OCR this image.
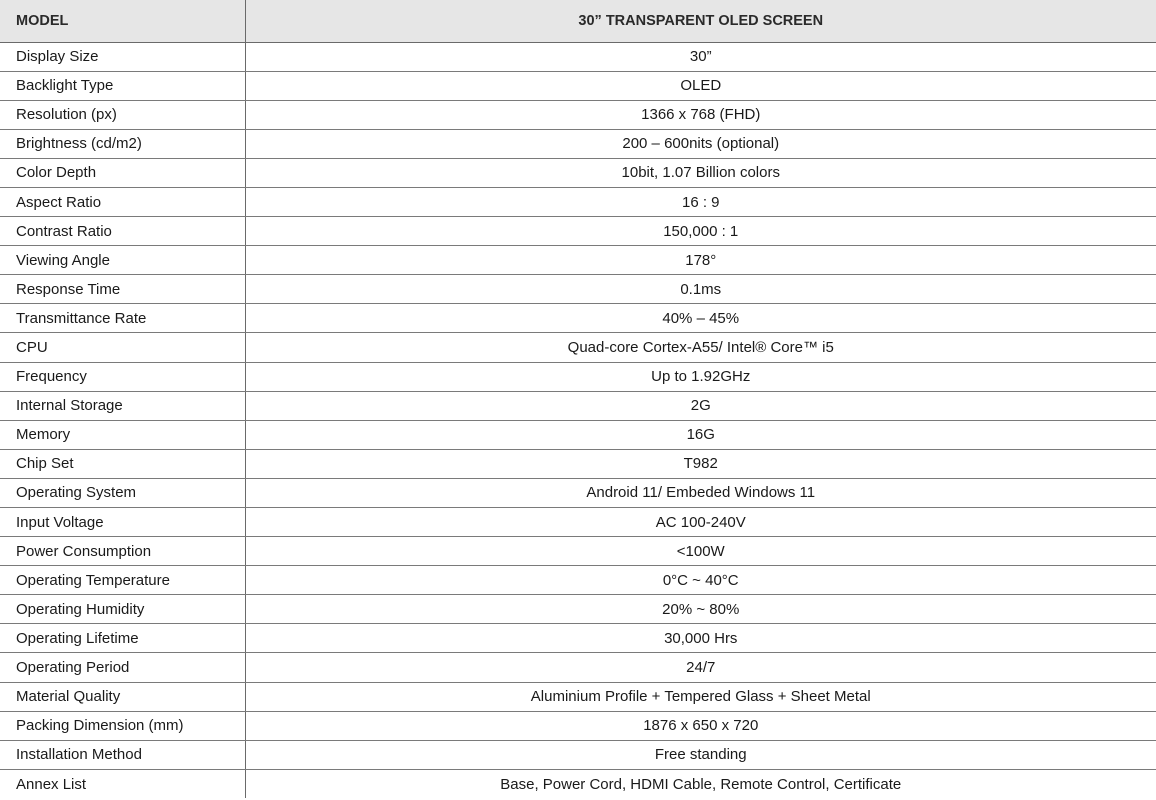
MODEL	30” TRANSPARENT OLED SCREEN
Display Size	30”
Backlight Type	OLED
Resolution (px)	1366 x 768 (FHD)
Brightness (cd/m2)	200 – 600nits (optional)
Color Depth	10bit, 1.07 Billion colors
Aspect Ratio	16 : 9
Contrast Ratio	150,000 : 1
Viewing Angle	178°
Response Time	0.1ms
Transmittance Rate	40% – 45%
CPU	Quad-core Cortex-A55/ Intel® Core™ i5
Frequency	Up to 1.92GHz
Internal Storage	2G
Memory	16G
Chip Set	T982
Operating System	Android 11/ Embeded Windows 11
Input Voltage	AC 100-240V
Power Consumption	<100W
Operating Temperature	0°C ~ 40°C
Operating Humidity	20% ~ 80%
Operating Lifetime	30,000 Hrs
Operating Period	24/7
Material Quality	Aluminium Profile + Tempered Glass + Sheet Metal
Packing Dimension (mm)	1876 x 650 x 720
Installation Method	Free standing
Annex List	Base, Power Cord, HDMI Cable, Remote Control, Certificate
